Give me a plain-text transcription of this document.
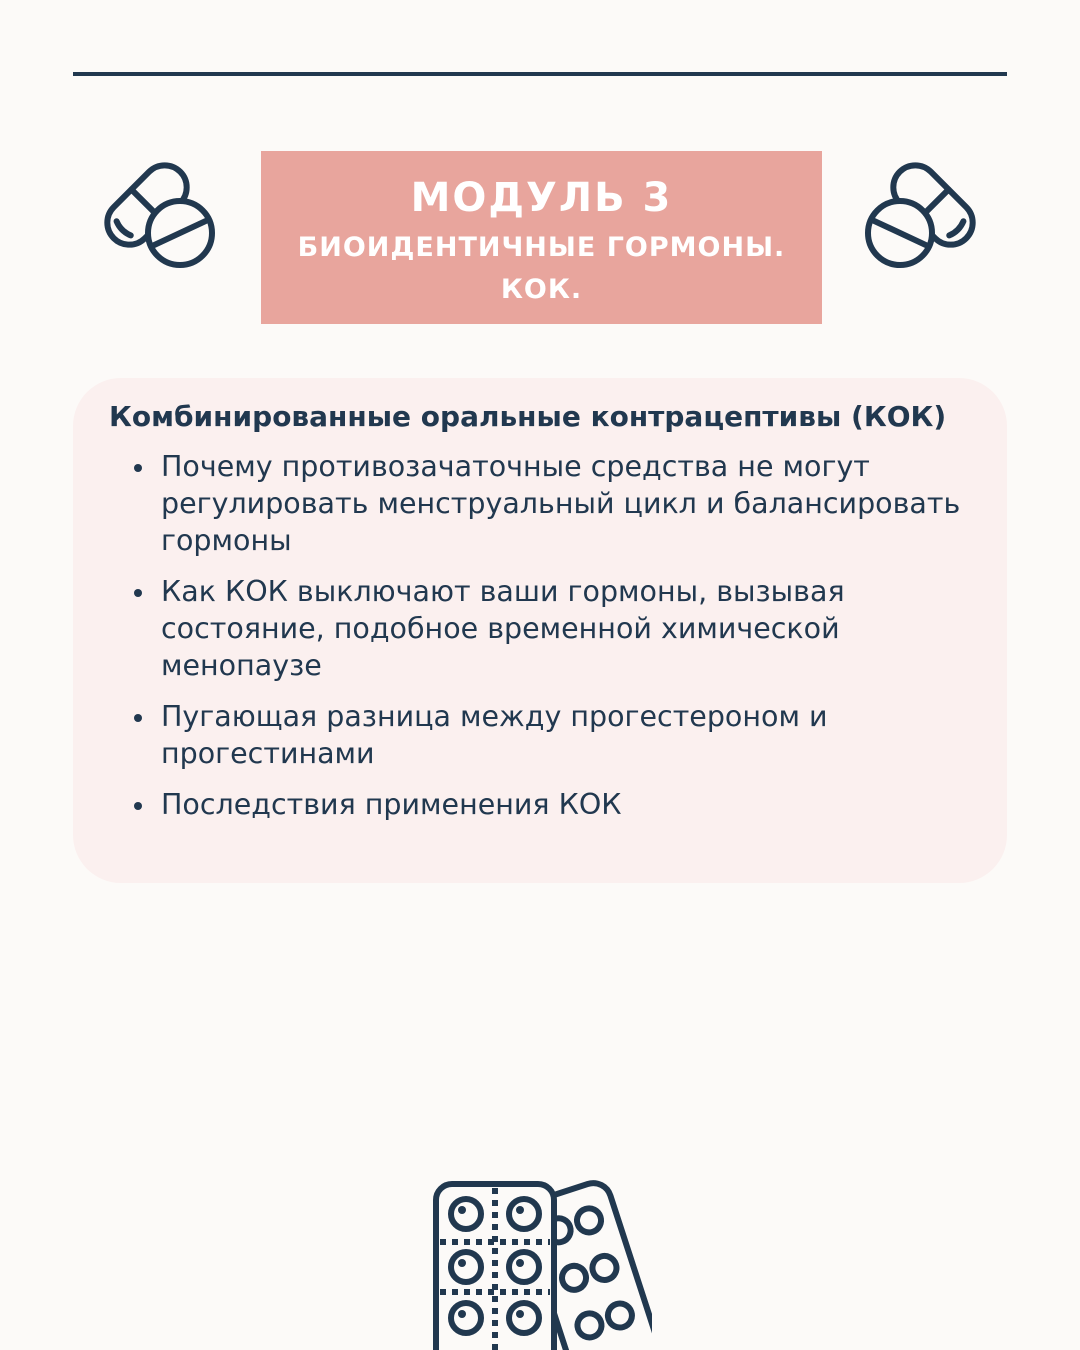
МОДУЛЬ 3
БИОИДЕНТИЧНЫЕ ГОРМОНЫ.
КОК.
Комбинированные оральные контрацептивы (КОК)
Почему противозачаточные средства не могут регулировать менструальный цикл и балансировать гормоны
Как КОК выключают ваши гормоны, вызывая состояние, подобное временной химической менопаузе
Пугающая разница между прогестероном и прогестинами
Последствия применения КОК
